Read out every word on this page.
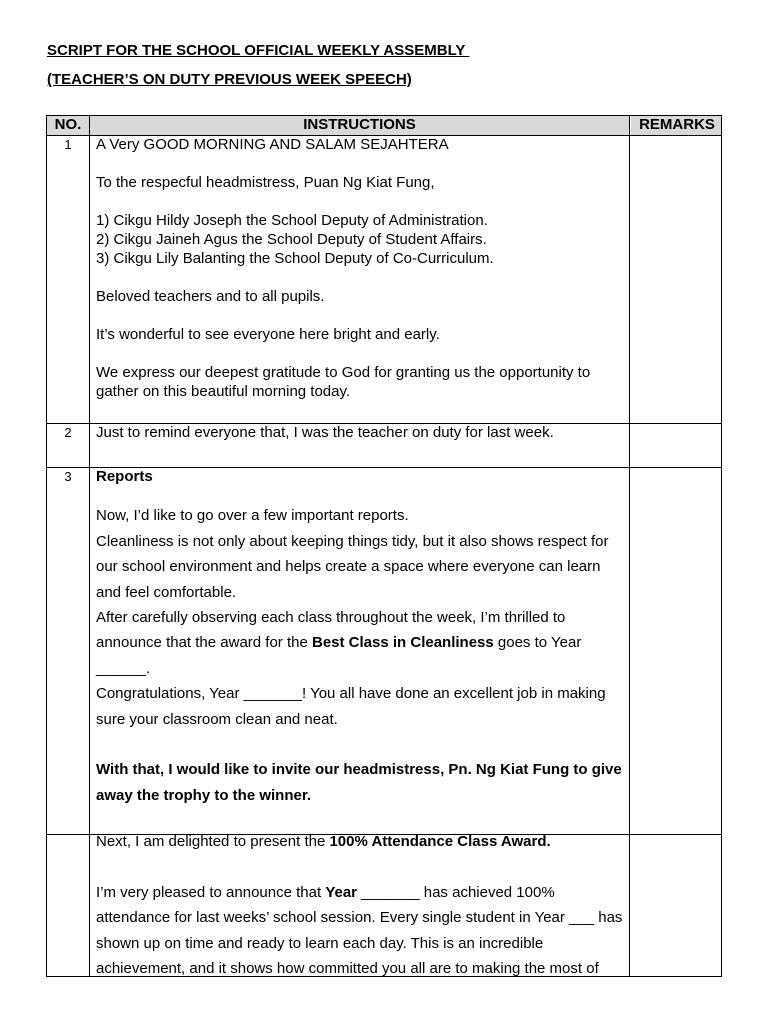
SCRIPT FOR THE SCHOOL OFFICIAL WEEKLY ASSEMBLY
(TEACHER’S ON DUTY PREVIOUS WEEK SPEECH)
NO.	INSTRUCTIONS	REMARKS
1	A Very GOOD MORNING AND SALAM SEJAHTERA

To the respecful headmistress, Puan Ng Kiat Fung,

1) Cikgu Hildy Joseph the School Deputy of Administration.

2) Cikgu Jaineh Agus the School Deputy of Student Affairs.

3) Cikgu Lily Balanting the School Deputy of Co-Curriculum.

Beloved teachers and to all pupils.

It’s wonderful to see everyone here bright and early.

We express our deepest gratitude to God for granting us the opportunity to gather on this beautiful morning today.

2	Just to remind everyone that, I was the teacher on duty for last week.

3	Reports

Now, I’d like to go over a few important reports.

Cleanliness is not only about keeping things tidy, but it also shows respect for our school environment and helps create a space where everyone can learn and feel comfortable.

After carefully observing each class throughout the week, I’m thrilled to announce that the award for the Best Class in Cleanliness goes to Year ______.

Congratulations, Year _______! You all have done an excellent job in making sure your classroom clean and neat.

With that, I would like to invite our headmistress, Pn. Ng Kiat Fung to give away the trophy to the winner.

Next, I am delighted to present the 100% Attendance Class Award.

I’m very pleased to announce that Year _______ has achieved 100% attendance for last weeks’ school session. Every single student in Year ___ has shown up on time and ready to learn each day. This is an incredible achievement, and it shows how committed you all are to making the most of
